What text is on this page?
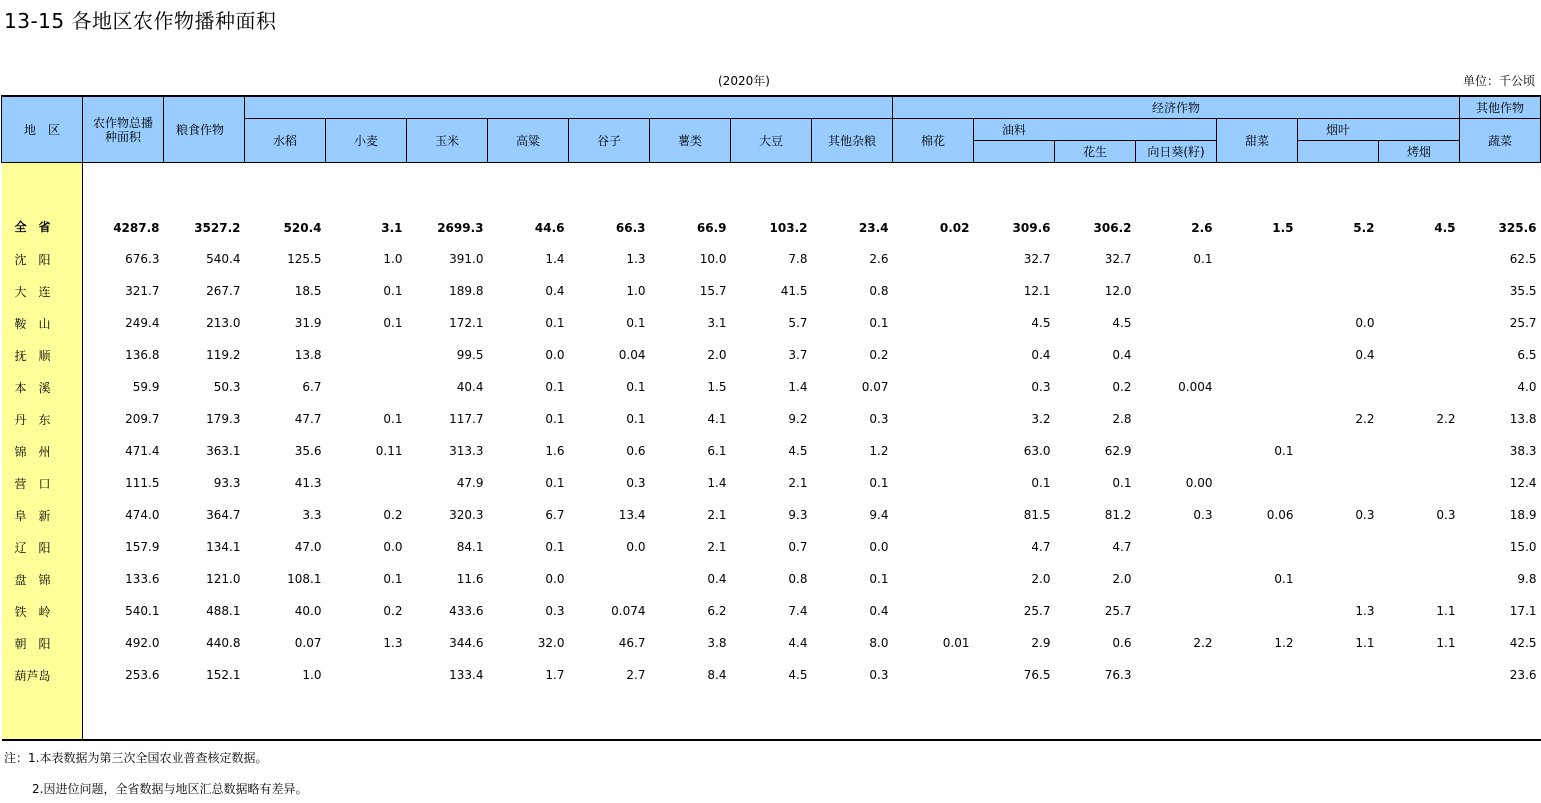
13-15 各地区农作物播种面积
(2020年)	单位：千公顷
地　区	农作物总播种面积	粮食作物									经济作物							其他作物
			水稻	小麦	玉米	高粱	谷子	薯类	大豆	其他杂粮	棉花	油料			甜菜	烟叶		蔬菜
													花生	向日葵(籽)			烤烟	

全　省	4287.8	3527.2	520.4	3.1	2699.3	44.6	66.3	66.9	103.2	23.4	0.02	309.6	306.2	2.6	1.5	5.2	4.5	325.6
沈　阳	676.3	540.4	125.5	1.0	391.0	1.4	1.3	10.0	7.8	2.6		32.7	32.7	0.1				62.5
大　连	321.7	267.7	18.5	0.1	189.8	0.4	1.0	15.7	41.5	0.8		12.1	12.0					35.5
鞍　山	249.4	213.0	31.9	0.1	172.1	0.1	0.1	3.1	5.7	0.1		4.5	4.5			0.0		25.7
抚　顺	136.8	119.2	13.8		99.5	0.0	0.04	2.0	3.7	0.2		0.4	0.4			0.4		6.5
本　溪	59.9	50.3	6.7		40.4	0.1	0.1	1.5	1.4	0.07		0.3	0.2	0.004				4.0
丹　东	209.7	179.3	47.7	0.1	117.7	0.1	0.1	4.1	9.2	0.3		3.2	2.8			2.2	2.2	13.8
锦　州	471.4	363.1	35.6	0.11	313.3	1.6	0.6	6.1	4.5	1.2		63.0	62.9		0.1			38.3
营　口	111.5	93.3	41.3		47.9	0.1	0.3	1.4	2.1	0.1		0.1	0.1	0.00				12.4
阜　新	474.0	364.7	3.3	0.2	320.3	6.7	13.4	2.1	9.3	9.4		81.5	81.2	0.3	0.06	0.3	0.3	18.9
辽　阳	157.9	134.1	47.0	0.0	84.1	0.1	0.0	2.1	0.7	0.0		4.7	4.7					15.0
盘　锦	133.6	121.0	108.1	0.1	11.6	0.0		0.4	0.8	0.1		2.0	2.0		0.1			9.8
铁　岭	540.1	488.1	40.0	0.2	433.6	0.3	0.074	6.2	7.4	0.4		25.7	25.7			1.3	1.1	17.1
朝　阳	492.0	440.8	0.07	1.3	344.6	32.0	46.7	3.8	4.4	8.0	0.01	2.9	0.6	2.2	1.2	1.1	1.1	42.5
葫芦岛	253.6	152.1	1.0		133.4	1.7	2.7	8.4	4.5	0.3		76.5	76.3					23.6

注：1.本表数据为第三次全国农业普查核定数据。
2.因进位问题，全省数据与地区汇总数据略有差异。
